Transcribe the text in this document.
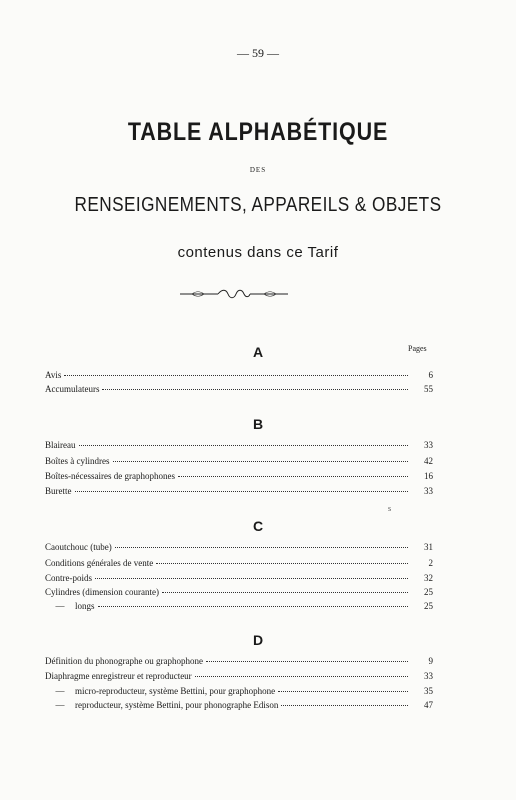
— 59 —
TABLE ALPHABÉTIQUE
DES
RENSEIGNEMENTS, APPAREILS & OBJETS
contenus dans ce Tarif
Pages
A
Avis	6
Accumulateurs	55
B
Blaireau	33
Boîtes à cylindres	42
Boîtes-nécessaires de graphophones	16
Burette	33
s
C
Caoutchouc (tube)	31
Conditions générales de vente	2
Contre-poids	32
Cylindres (dimension courante)	25
—	longs	25
D
Définition du phonographe ou graphophone	9
Diaphragme enregistreur et reproducteur	33
—	micro-reproducteur, système Bettini, pour graphophone	35
—	reproducteur, système Bettini, pour phonographe Edison	47
